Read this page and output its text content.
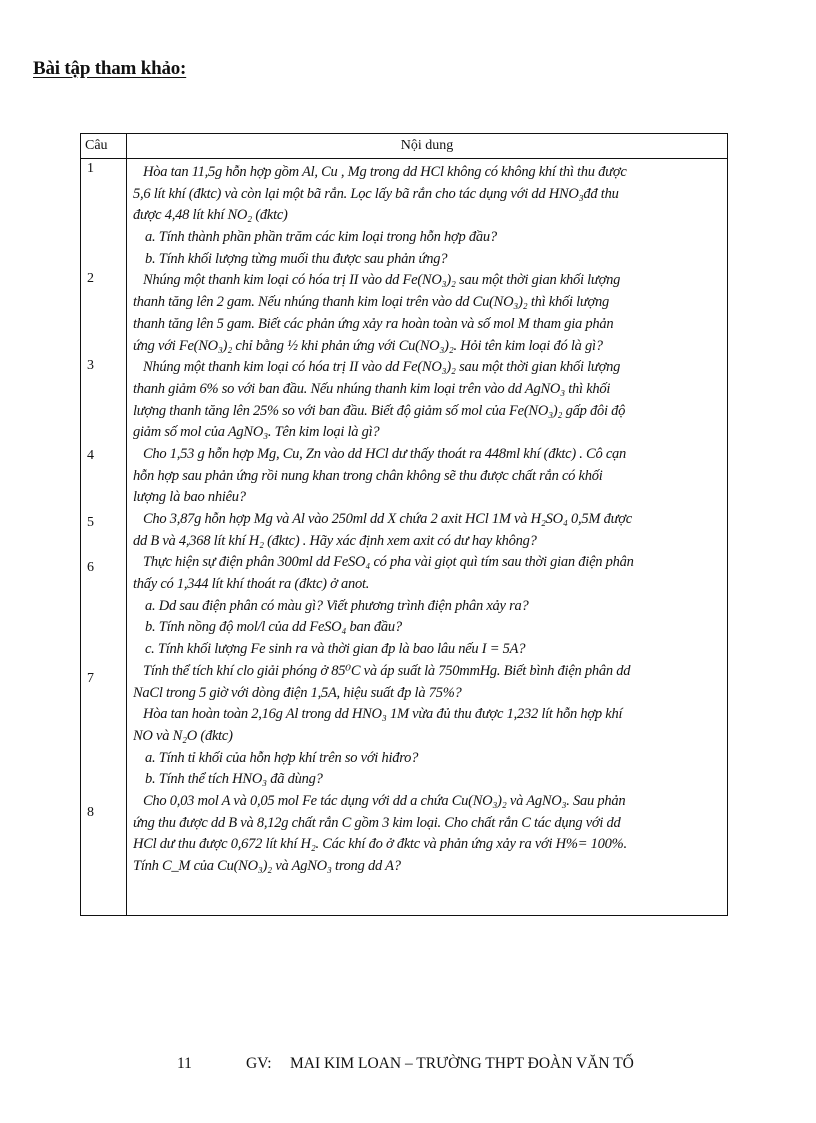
Bài tập tham khảo:
Câu	Nội dung
1
2
3
4
5
6
7
8
Hòa tan 11,5g hỗn hợp gồm Al, Cu , Mg trong dd HCl không có không khí thì thu được
5,6 lít khí (đktc) và còn lại một bã rắn. Lọc lấy bã rắn cho tác dụng với dd HNO₃đđ thu
được 4,48 lít khí NO₂ (đktc)
a. Tính thành phần phần trăm các kim loại trong hỗn hợp đầu?
b. Tính khối lượng từng muối thu được sau phản ứng?
Nhúng một thanh kim loại có hóa trị II vào dd Fe(NO₃)₂ sau một thời gian khối lượng
thanh tăng lên 2 gam. Nếu nhúng thanh kim loại trên vào dd Cu(NO₃)₂ thì khối lượng
thanh tăng lên 5 gam. Biết các phản ứng xảy ra hoàn toàn và số mol M tham gia phản
ứng với Fe(NO₃)₂ chỉ bằng ½ khi phản ứng với Cu(NO₃)₂. Hỏi tên kim loại đó là gì?
Nhúng một thanh kim loại có hóa trị II vào dd Fe(NO₃)₂ sau một thời gian khối lượng
thanh giảm 6% so với ban đầu. Nếu nhúng thanh kim loại trên vào dd AgNO₃ thì khối
lượng thanh tăng lên 25% so với ban đầu. Biết độ giảm số mol của Fe(NO₃)₂ gấp đôi độ
giảm số mol của AgNO₃. Tên kim loại là gì?
Cho 1,53 g hỗn hợp Mg, Cu, Zn vào dd HCl dư thấy thoát ra 448ml khí (đktc) . Cô cạn
hỗn hợp sau phản ứng rồi nung khan trong chân không sẽ thu được chất rắn có khối
lượng là bao nhiêu?
Cho 3,87g hỗn hợp Mg và Al vào 250ml dd X chứa 2 axit HCl 1M và H₂SO₄ 0,5M được
dd B và 4,368 lít khí H₂ (đktc) . Hãy xác định xem axit có dư hay không?
Thực hiện sự điện phân 300ml dd FeSO₄ có pha vài giọt quì tím sau thời gian điện phân
thấy có 1,344 lít khí thoát ra (đktc) ở anot.
a. Dd sau điện phân có màu gì? Viết phương trình điện phân xảy ra?
b. Tính nồng độ mol/l của dd FeSO₄ ban đầu?
c. Tính khối lượng Fe sinh ra và thời gian đp là bao lâu nếu I = 5A?
Tính thể tích khí clo giải phóng ở 85⁰C và áp suất là 750mmHg. Biết bình điện phân dd
NaCl trong 5 giờ với dòng điện 1,5A, hiệu suất đp là 75%?
Hòa tan hoàn toàn 2,16g Al trong dd HNO₃ 1M vừa đủ thu được 1,232 lít hỗn hợp khí
NO và N₂O (đktc)
a. Tính tỉ khối của hỗn hợp khí trên so với hiđro?
b. Tính thể tích HNO₃ đã dùng?
Cho 0,03 mol A và 0,05 mol Fe tác dụng với dd a chứa Cu(NO₃)₂ và AgNO₃. Sau phản
ứng thu được dd B và 8,12g chất rắn C gồm 3 kim loại. Cho chất rắn C tác dụng với dd
HCl dư thu được 0,672 lít khí H₂. Các khí đo ở đktc và phản ứng xảy ra với H%= 100%.
Tính C_M của Cu(NO₃)₂ và AgNO₃ trong dd A?
11	GV: MAI KIM LOAN – TRƯỜNG THPT ĐOÀN VĂN TỐ
